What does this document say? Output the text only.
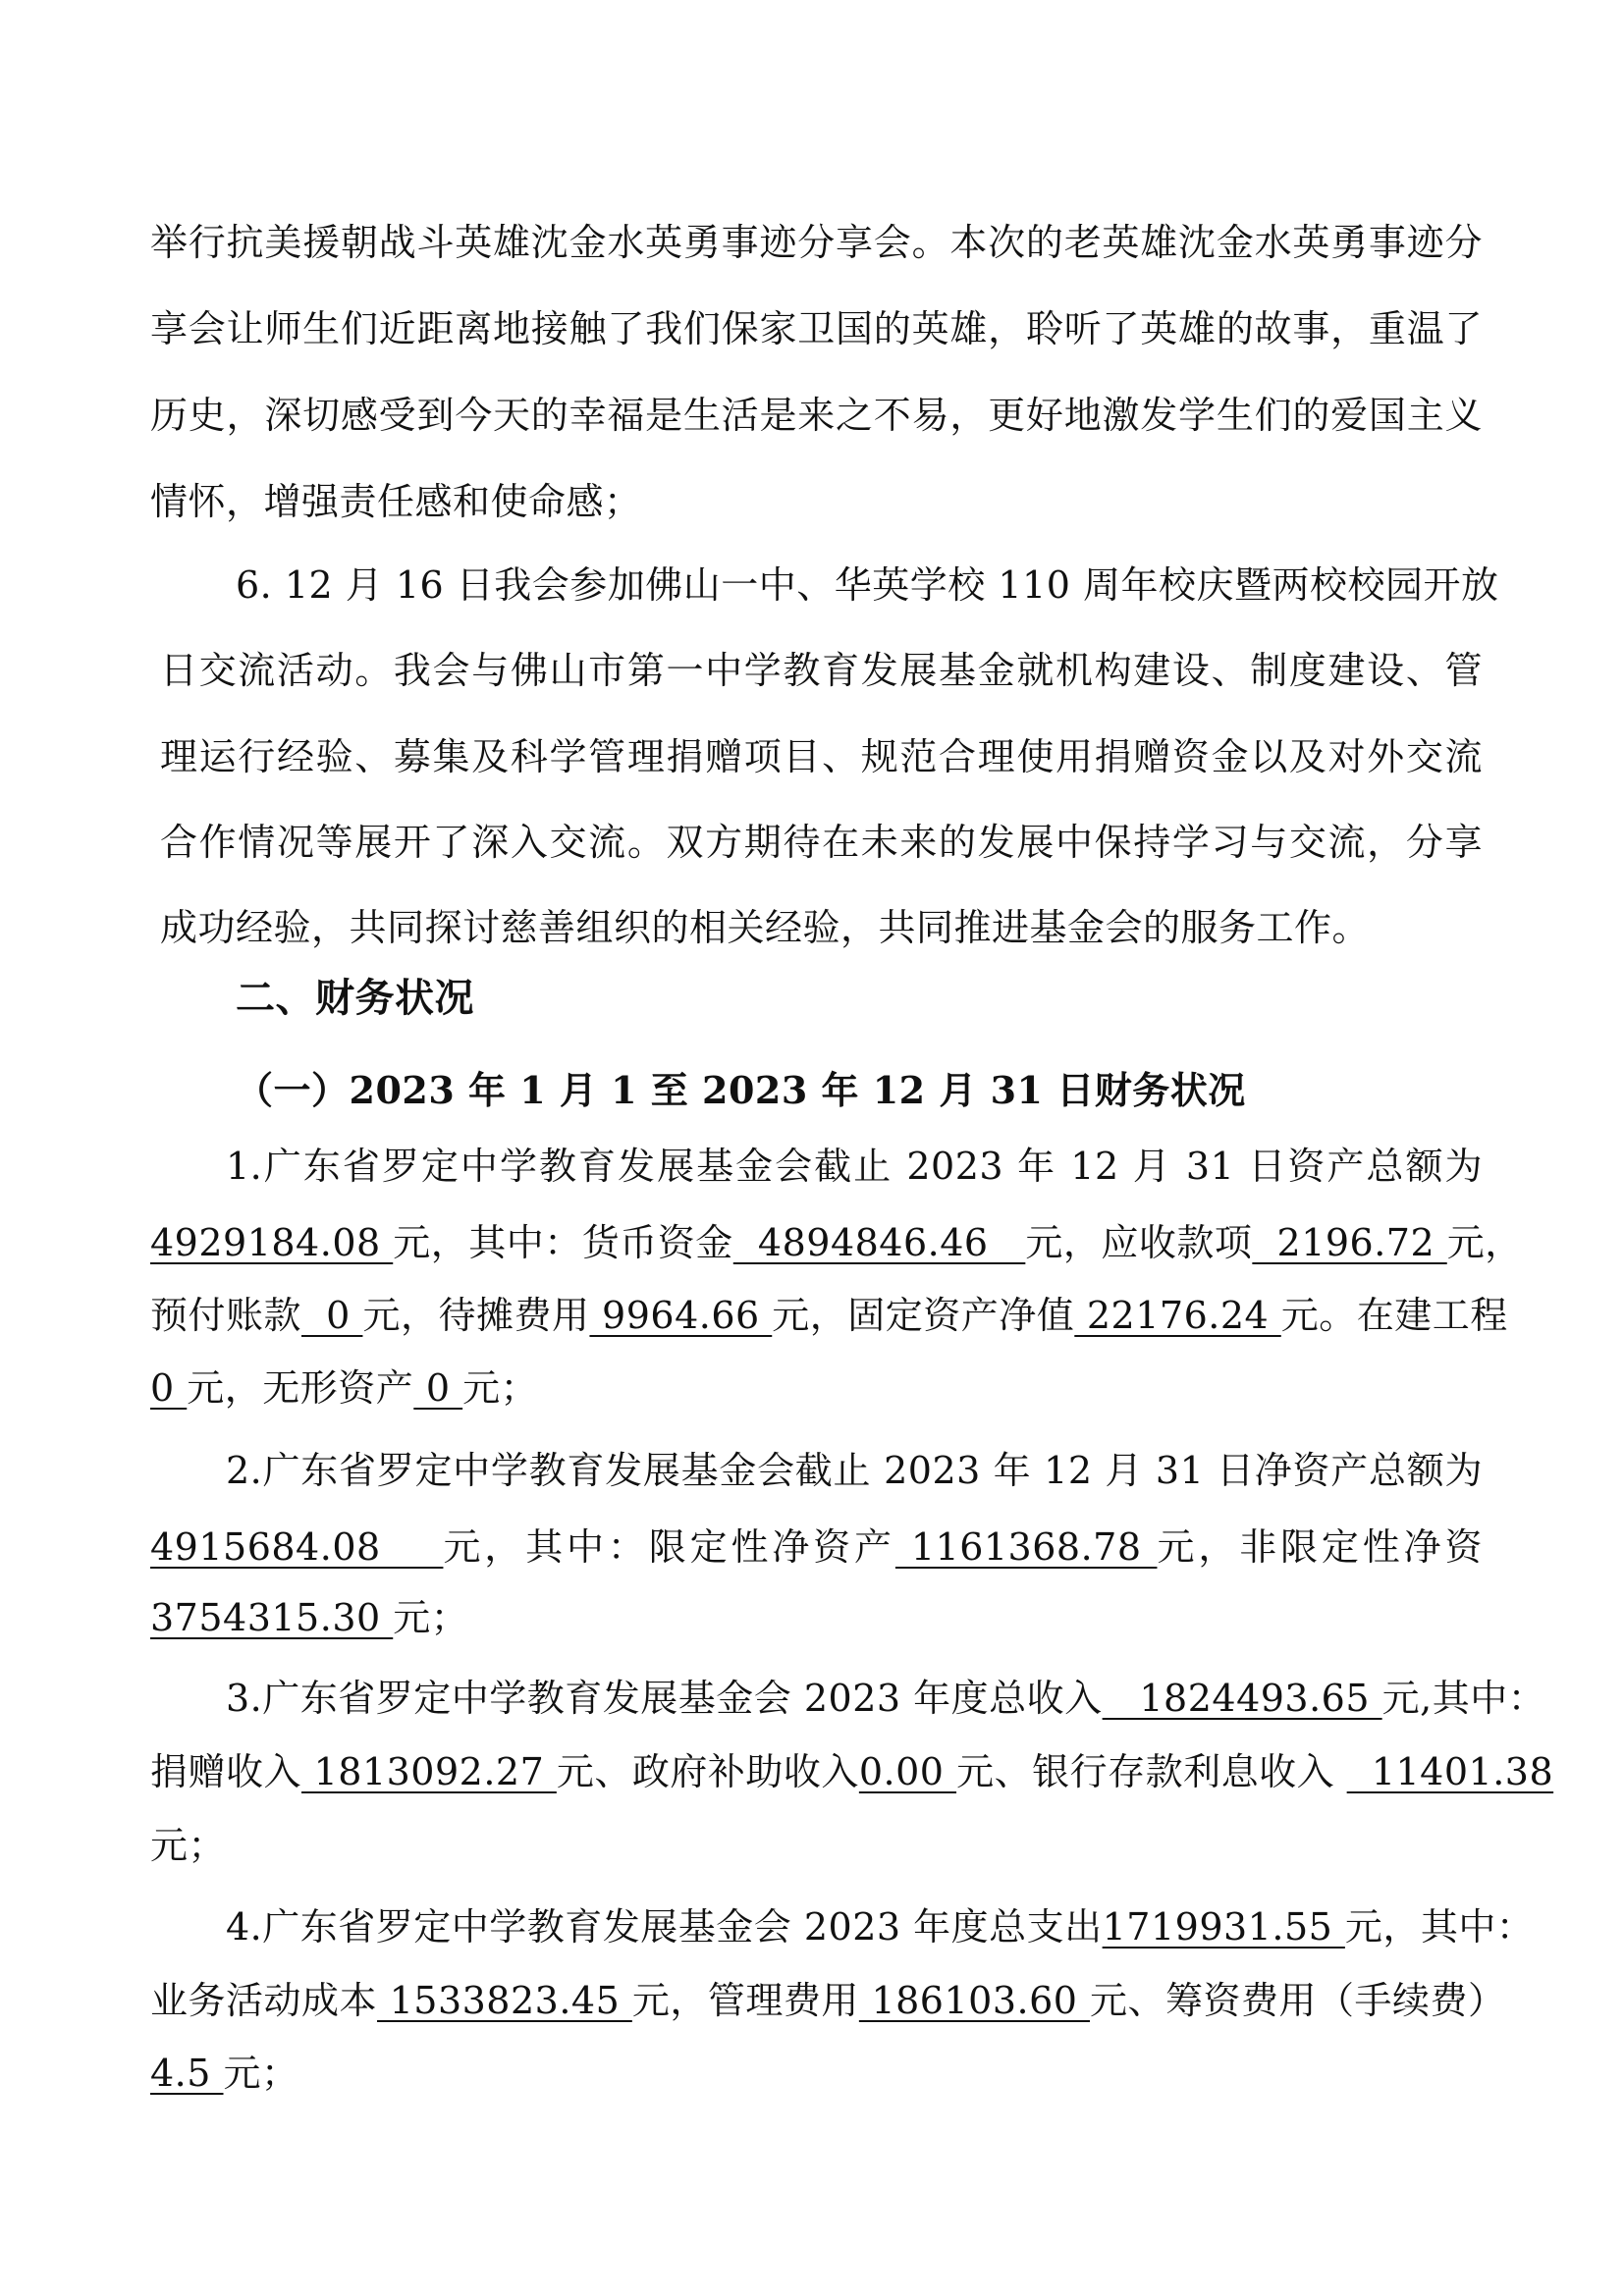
举行抗美援朝战斗英雄沈金水英勇事迹分享会。本次的老英雄沈金水英勇事迹分
享会让师生们近距离地接触了我们保家卫国的英雄，聆听了英雄的故事，重温了
历史，深切感受到今天的幸福是生活是来之不易，更好地激发学生们的爱国主义
情怀，增强责任感和使命感；
6. 12 月 16 日我会参加佛山一中、华英学校 110 周年校庆暨两校校园开放
日交流活动。我会与佛山市第一中学教育发展基金就机构建设、制度建设、管
理运行经验、募集及科学管理捐赠项目、规范合理使用捐赠资金以及对外交流
合作情况等展开了深入交流。双方期待在未来的发展中保持学习与交流，分享
成功经验，共同探讨慈善组织的相关经验，共同推进基金会的服务工作。
二、财务状况
（一）2023 年 1 月 1 至 2023 年 12 月 31 日财务状况
1.广东省罗定中学教育发展基金会截止 2023 年 12 月 31 日资产总额为
4929184.08 元，其中：货币资金  4894846.46   元，应收款项  2196.72 元，
预付账款  0 元，待摊费用 9964.66 元，固定资产净值 22176.24 元。在建工程
0 元，无形资产 0 元；
2.广东省罗定中学教育发展基金会截止 2023 年 12 月 31 日净资产总额为
4915684.08    元，其中：限定性净资产 1161368.78 元，非限定性净资
3754315.30 元；
3.广东省罗定中学教育发展基金会 2023 年度总收入   1824493.65 元,其中：
捐赠收入 1813092.27 元、政府补助收入0.00 元、银行存款利息收入   11401.38
元；
4.广东省罗定中学教育发展基金会 2023 年度总支出1719931.55 元，其中：
业务活动成本 1533823.45 元，管理费用 186103.60 元、筹资费用（手续费）
4.5 元；
